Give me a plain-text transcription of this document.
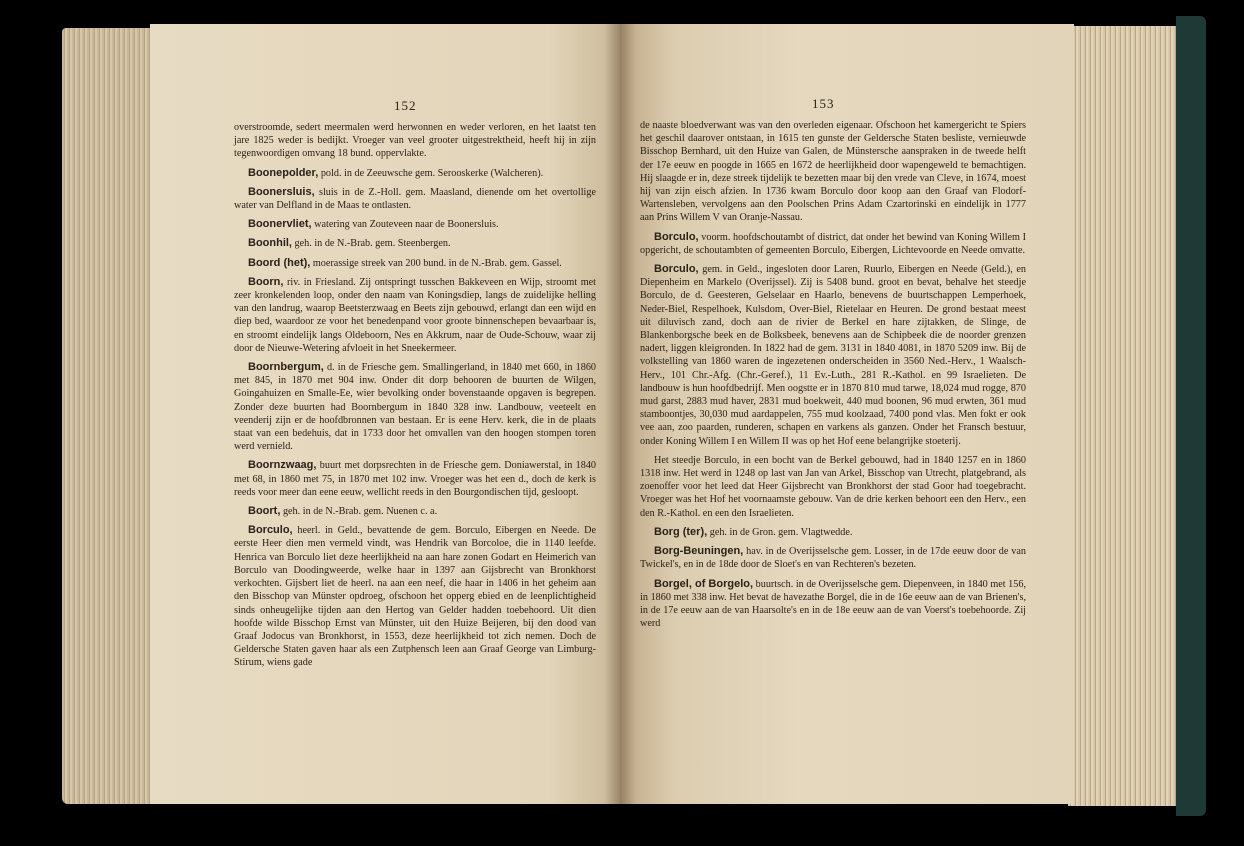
152

overstroomde, sedert meermalen werd herwonnen en weder verloren, en het laatst ten jare 1825 weder is bedijkt. Vroeger van veel grooter uitgestrektheid, heeft hij in zijn tegenwoordigen omvang 18 bund. oppervlakte.

Boonepolder, pold. in de Zeeuwsche gem. Serooskerke (Walcheren).

Boonersluis, sluis in de Z.-Holl. gem. Maasland, dienende om het overtollige water van Delfland in de Maas te ontlasten.

Boonervliet, watering van Zouteveen naar de Boonersluis.

Boonhil, geh. in de N.-Brab. gem. Steenbergen.

Boord (het), moerassige streek van 200 bund. in de N.-Brab. gem. Gassel.

Boorn, riv. in Friesland. Zij ontspringt tusschen Bakkeveen en Wijp, stroomt met zeer kronkelenden loop, onder den naam van Koningsdiep, langs de zuidelijke helling van den landrug, waarop Beetsterzwaag en Beets zijn gebouwd, erlangt dan een wijd en diep bed, waardoor ze voor het benedenpand voor groote binnenschepen bevaarbaar is, en stroomt eindelijk langs Oldeboorn, Nes en Akkrum, naar de Oude-Schouw, waar zij door de Nieuwe-Wetering afvloeit in het Sneekermeer.

Boornbergum, d. in de Friesche gem. Smallingerland, in 1840 met 660, in 1860 met 845, in 1870 met 904 inw. Onder dit dorp behooren de buurten de Wilgen, Goingahuizen en Smalle-Ee, wier bevolking onder bovenstaande opgaven is begrepen. Zonder deze buurten had Boornbergum in 1840 328 inw. Landbouw, veeteelt en veenderij zijn er de hoofdbronnen van bestaan. Er is eene Herv. kerk, die in de plaats staat van een bedehuis, dat in 1733 door het omvallen van den hoogen stompen toren werd vernield.

Boornzwaag, buurt met dorpsrechten in de Friesche gem. Doniawerstal, in 1840 met 68, in 1860 met 75, in 1870 met 102 inw. Vroeger was het een d., doch de kerk is reeds voor meer dan eene eeuw, wellicht reeds in den Bourgondischen tijd, gesloopt.

Boort, geh. in de N.-Brab. gem. Nuenen c. a.

Borculo, heerl. in Geld., bevattende de gem. Borculo, Eibergen en Neede. De eerste Heer dien men vermeld vindt, was Hendrik van Borcoloe, die in 1140 leefde. Henrica van Borculo liet deze heerlijkheid na aan hare zonen Godart en Heimerich van Borculo van Doodingweerde, welke haar in 1397 aan Gijsbrecht van Bronkhorst verkochten. Gijsbert liet de heerl. na aan een neef, die haar in 1406 in het geheim aan den Bisschop van Münster opdroeg, ofschoon het opperg ebied en de leenplichtigheid sinds onheugelijke tijden aan den Hertog van Gelder hadden toebehoord. Uit dien hoofde wilde Bisschop Ernst van Münster, uit den Huize Beijeren, bij den dood van Graaf Jodocus van Bronkhorst, in 1553, deze heerlijkheid tot zich nemen. Doch de Geldersche Staten gaven haar als een Zutphensch leen aan Graaf George van Limburg-Stirum, wiens gade

153

de naaste bloedverwant was van den overleden eigenaar. Ofschoon het kamergericht te Spiers het geschil daarover ontstaan, in 1615 ten gunste der Geldersche Staten besliste, vernieuwde Bisschop Bernhard, uit den Huize van Galen, de Münstersche aanspraken in de tweede helft der 17e eeuw en poogde in 1665 en 1672 de heerlijkheid door wapengeweld te bemachtigen. Hij slaagde er in, deze streek tijdelijk te bezetten maar bij den vrede van Cleve, in 1674, moest hij van zijn eisch afzien. In 1736 kwam Borculo door koop aan den Graaf van Flodorf-Wartensleben, vervolgens aan den Poolschen Prins Adam Czartorinski en eindelijk in 1777 aan Prins Willem V van Oranje-Nassau.

Borculo, voorm. hoofdschoutambt of district, dat onder het bewind van Koning Willem I opgericht, de schoutambten of gemeenten Borculo, Eibergen, Lichtevoorde en Neede omvatte.

Borculo, gem. in Geld., ingesloten door Laren, Ruurlo, Eibergen en Neede (Geld.), en Diepenheim en Markelo (Overijssel). Zij is 5408 bund. groot en bevat, behalve het steedje Borculo, de d. Geesteren, Gelselaar en Haarlo, benevens de buurtschappen Lemperhoek, Neder-Biel, Respelhoek, Kulsdom, Over-Biel, Rietelaar en Heuren. De grond bestaat meest uit diluvisch zand, doch aan de rivier de Berkel en hare zijtakken, de Slinge, de Blankenborgsche beek en de Bolksbeek, benevens aan de Schipbeek die de noorder grenzen nadert, liggen kleigronden. In 1822 had de gem. 3131 in 1840 4081, in 1870 5209 inw. Bij de volkstelling van 1860 waren de ingezetenen onderscheiden in 3560 Ned.-Herv., 1 Waalsch-Herv., 101 Chr.-Afg. (Chr.-Geref.), 11 Ev.-Luth., 281 R.-Kathol. en 99 Israelieten. De landbouw is hun hoofdbedrijf. Men oogstte er in 1870 810 mud tarwe, 18,024 mud rogge, 870 mud garst, 2883 mud haver, 2831 mud boekweit, 440 mud boonen, 96 mud erwten, 361 mud stamboontjes, 30,030 mud aardappelen, 755 mud koolzaad, 7400 pond vlas. Men fokt er ook vee aan, zoo paarden, runderen, schapen en varkens als ganzen. Onder het Fransch bestuur, onder Koning Willem I en Willem II was op het Hof eene belangrijke stoeterij.

Het steedje Borculo, in een bocht van de Berkel gebouwd, had in 1840 1257 en in 1860 1318 inw. Het werd in 1248 op last van Jan van Arkel, Bisschop van Utrecht, platgebrand, als zoenoffer voor het leed dat Heer Gijsbrecht van Bronkhorst der stad Goor had toegebracht. Vroeger was het Hof het voornaamste gebouw. Van de drie kerken behoort een den Herv., een den R.-Kathol. en een den Israelieten.

Borg (ter), geh. in de Gron. gem. Vlagtwedde.

Borg-Beuningen, hav. in de Overijsselsche gem. Losser, in de 17de eeuw door de van Twickel's, en in de 18de door de Sloet's en van Rechteren's bezeten.

Borgel, of Borgelo, buurtsch. in de Overijsselsche gem. Diepenveen, in 1840 met 156, in 1860 met 338 inw. Het bevat de havezathe Borgel, die in de 16e eeuw aan de van Brienen's, in de 17e eeuw aan de van Haarsolte's en in de 18e eeuw aan de van Voerst's toebehoorde. Zij werd
